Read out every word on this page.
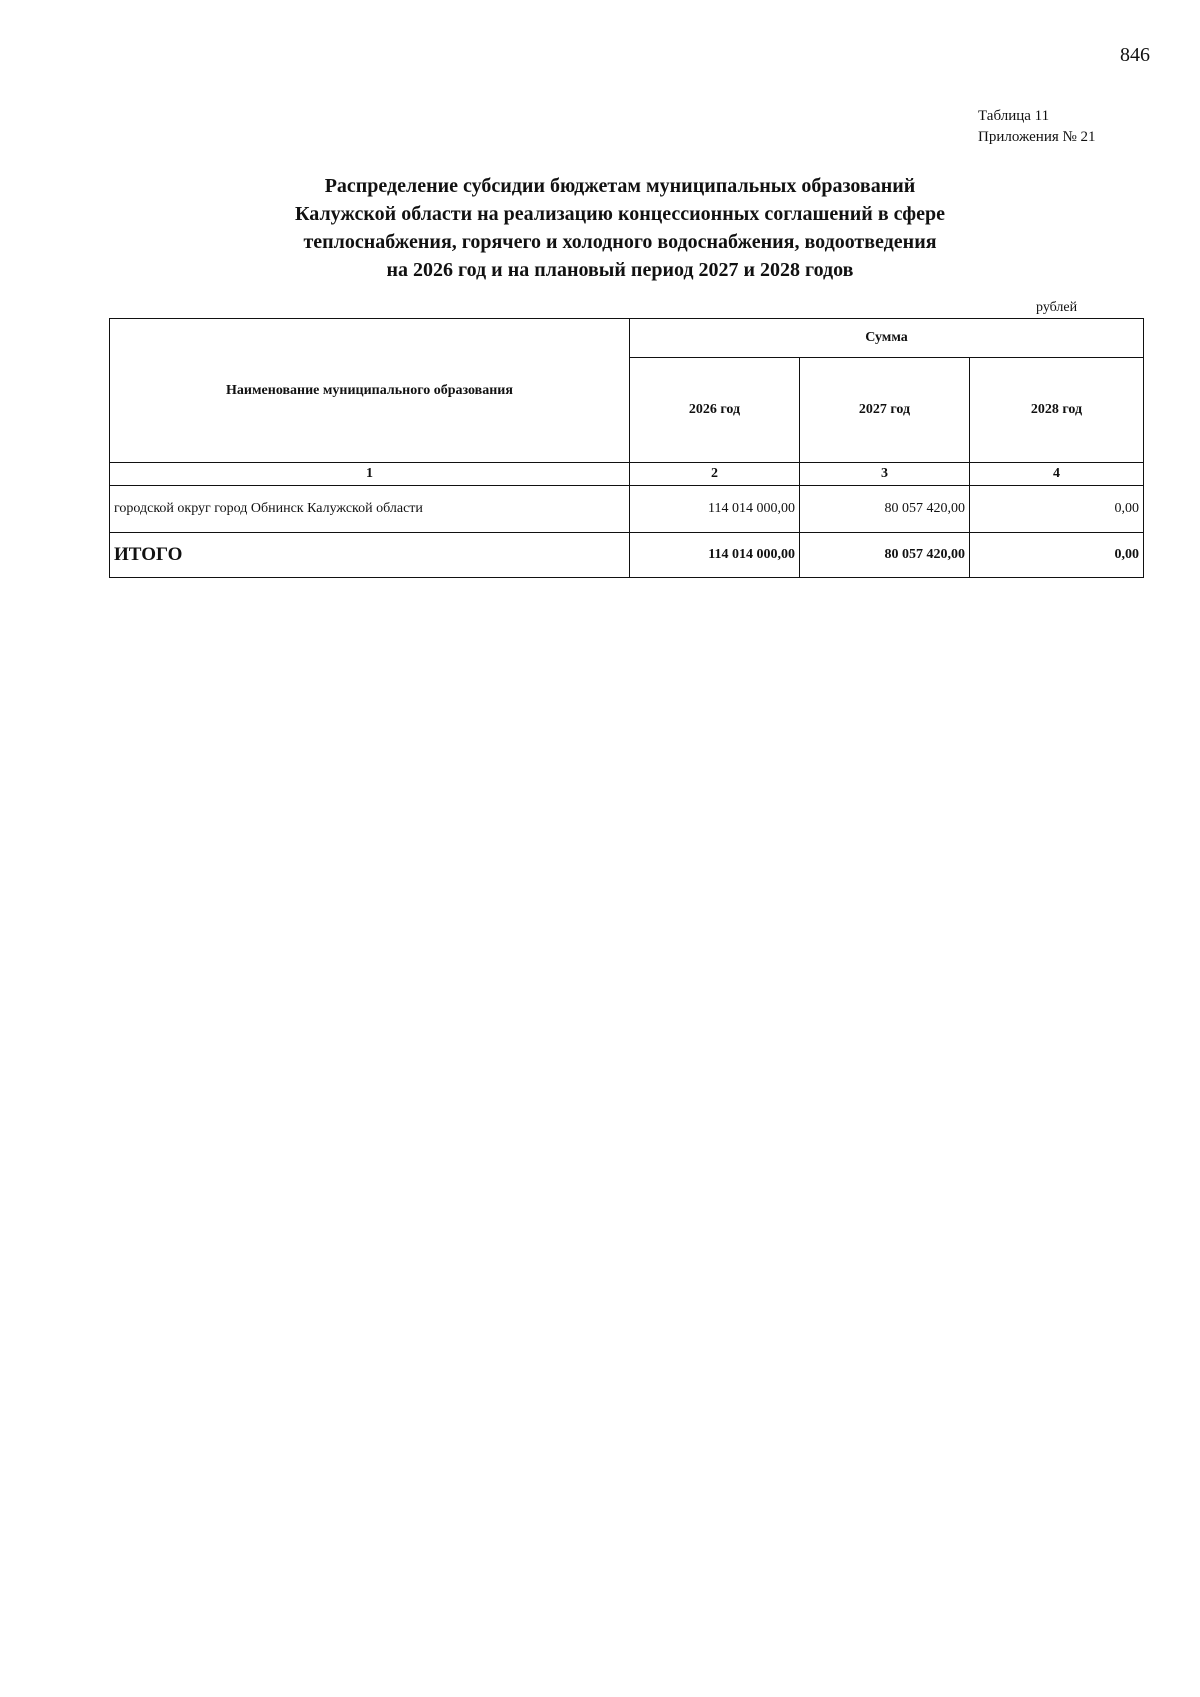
846
Таблица 11
Приложения № 21
Распределение субсидии бюджетам муниципальных образований
Калужской области на реализацию концессионных соглашений в сфере
теплоснабжения, горячего и холодного водоснабжения, водоотведения
на 2026 год и на плановый период 2027 и 2028 годов
рублей
Наименование муниципального образования	Сумма		
	2026 год	2027 год	2028 год
1	2	3	4
городской округ город Обнинск Калужской области	114 014 000,00	80 057 420,00	0,00
ИТОГО	114 014 000,00	80 057 420,00	0,00
